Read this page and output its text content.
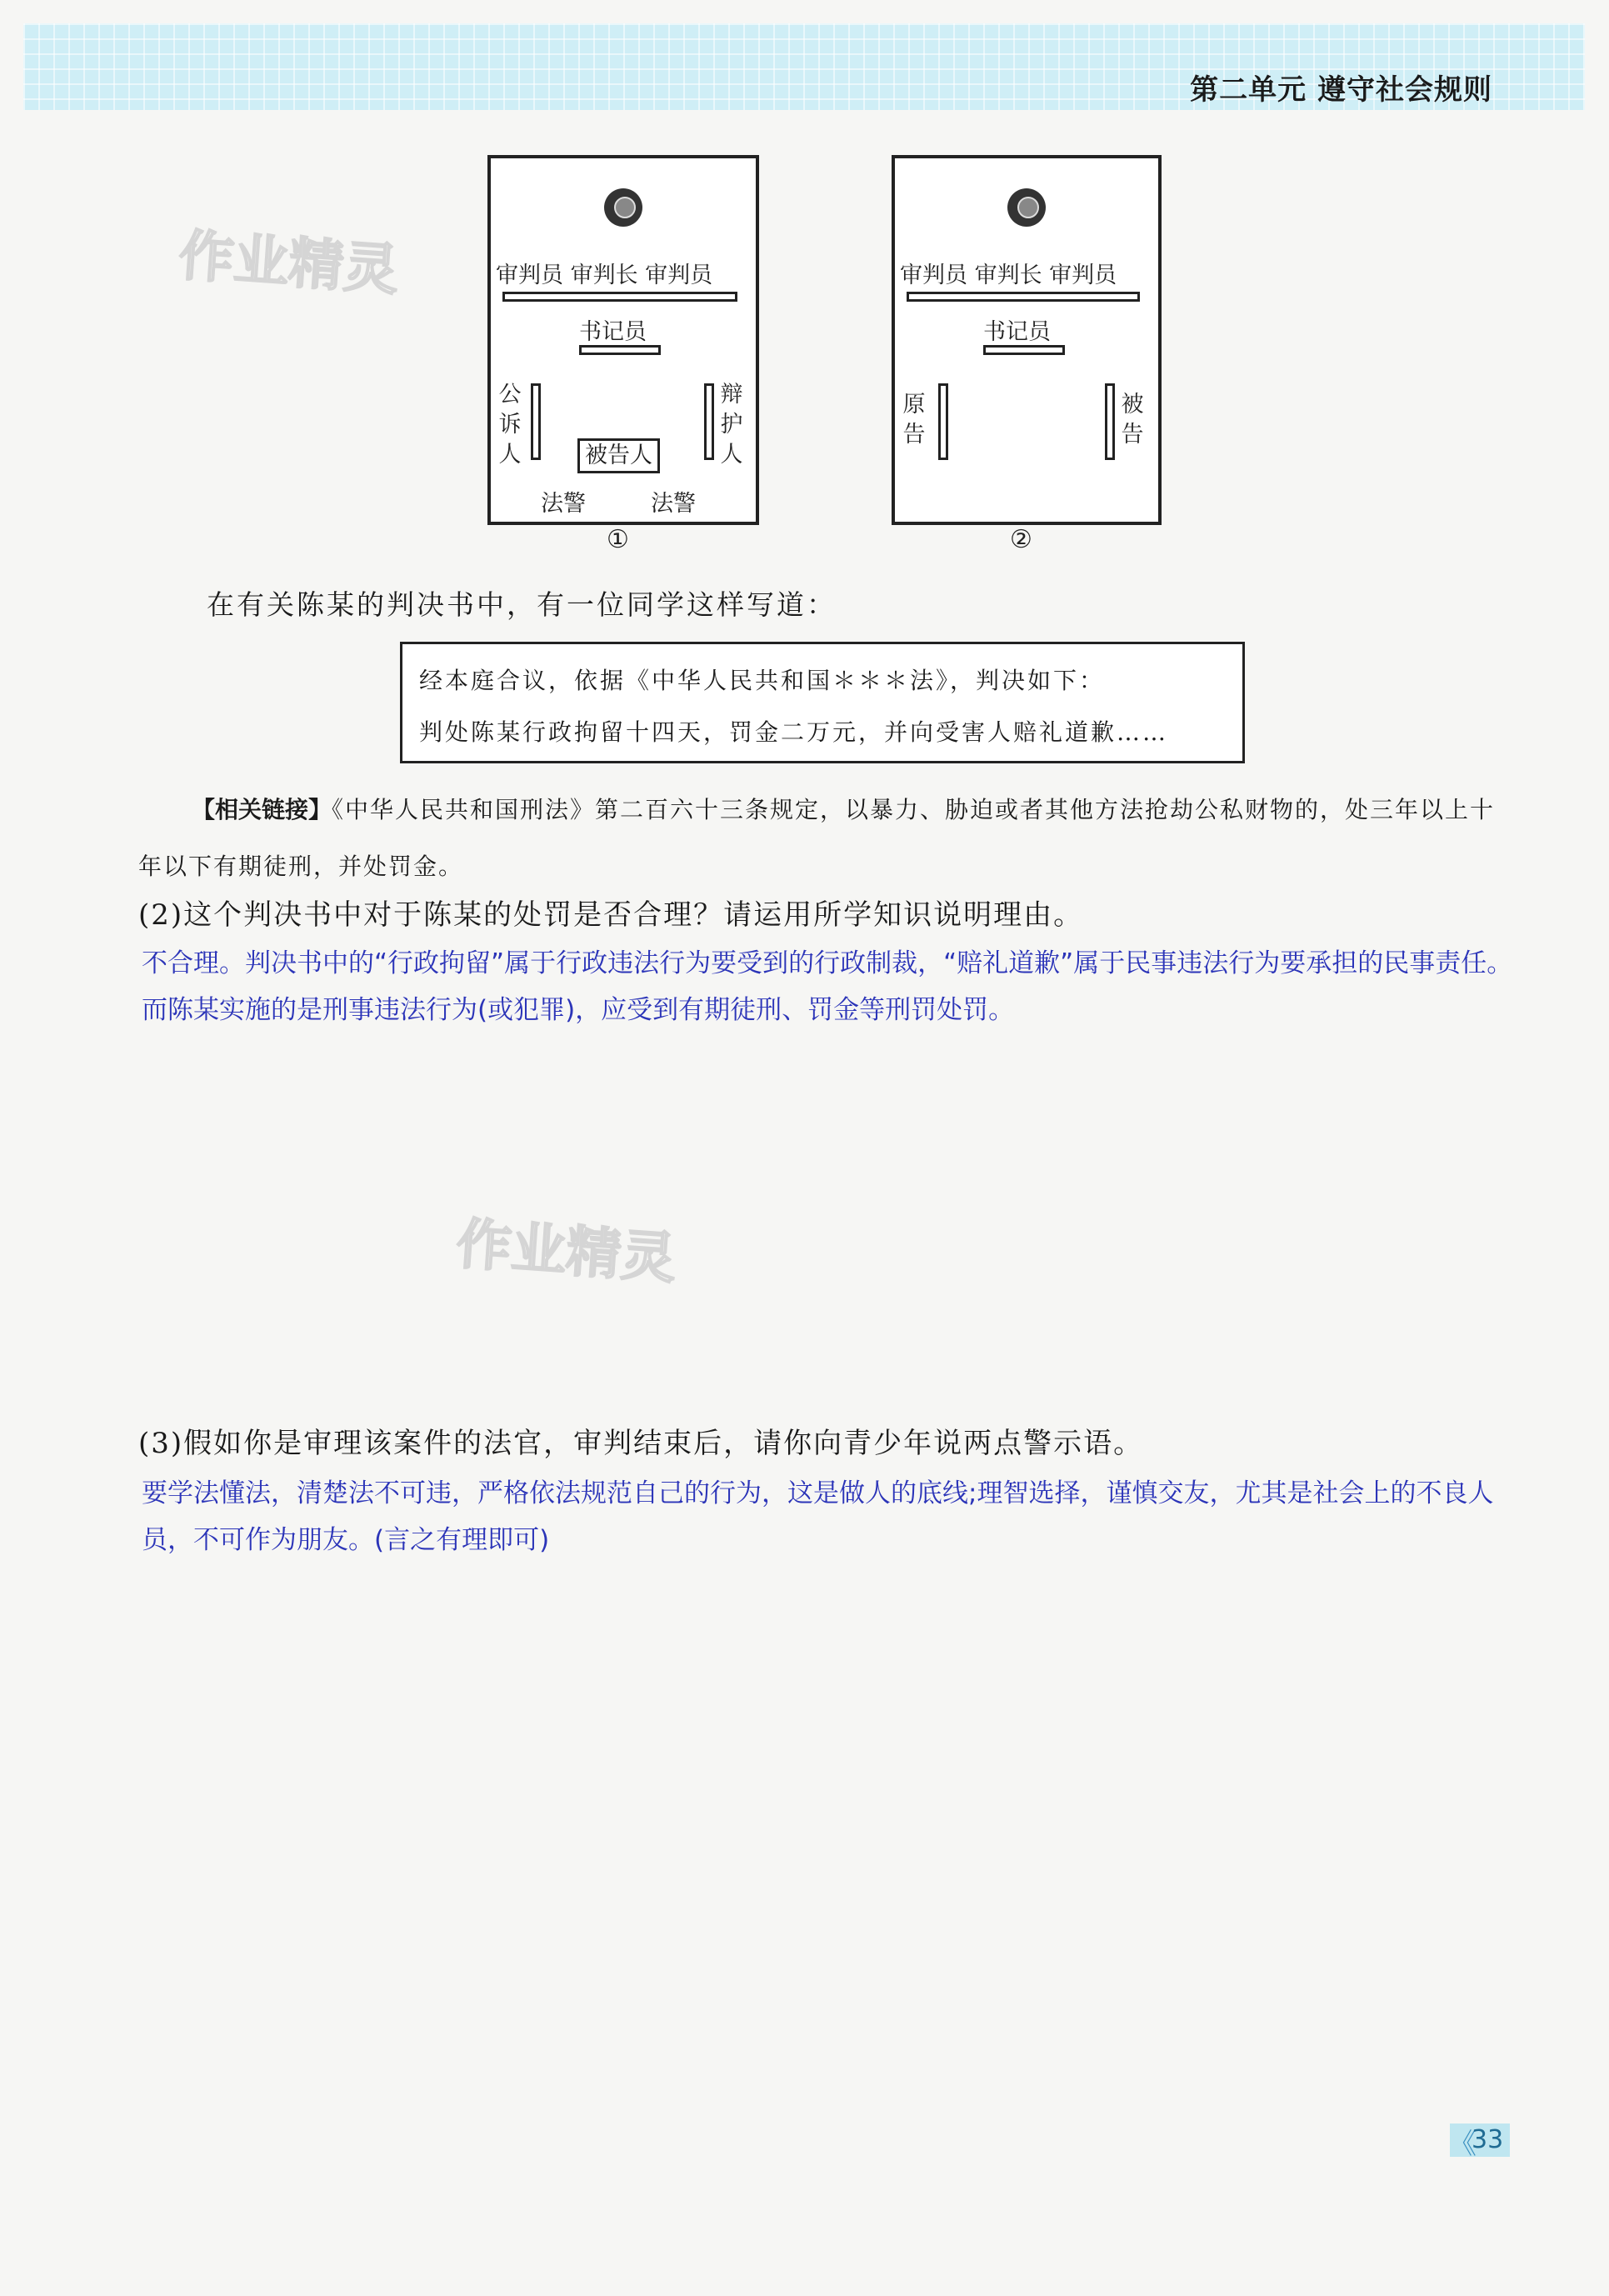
第二单元 遵守社会规则
作业精灵
作业精灵
审判员 审判长 审判员
书记员
公诉人
辩护人
被告人
法警	法警
①
审判员 审判长 审判员
书记员
原告
被告
②
在有关陈某的判决书中，有一位同学这样写道：
经本庭合议，依据《中华人民共和国＊＊＊法》，判决如下：
判处陈某行政拘留十四天，罚金二万元，并向受害人赔礼道歉……
【相关链接】《中华人民共和国刑法》第二百六十三条规定，以暴力、胁迫或者其他方法抢劫公私财物的，处三年以上十年以下有期徒刑，并处罚金。
(2)这个判决书中对于陈某的处罚是否合理？请运用所学知识说明理由。
不合理。判决书中的“行政拘留”属于行政违法行为要受到的行政制裁，“赔礼道歉”属于民事违法行为要承担的民事责任。而陈某实施的是刑事违法行为(或犯罪)，应受到有期徒刑、罚金等刑罚处罚。
(3)假如你是审理该案件的法官，审判结束后，请你向青少年说两点警示语。
要学法懂法，清楚法不可违，严格依法规范自己的行为，这是做人的底线;理智选择，谨慎交友，尤其是社会上的不良人员，不可作为朋友。(言之有理即可)
《
33
